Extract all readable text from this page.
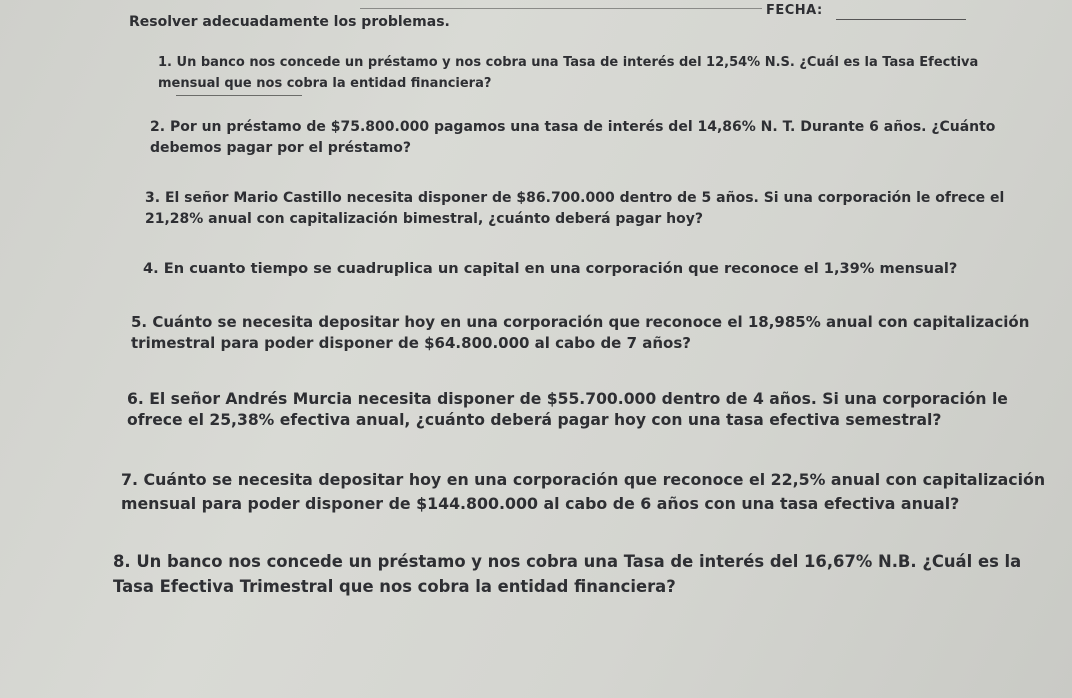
FECHA:
Resolver adecuadamente los problemas.

1. Un banco nos concede un préstamo y nos cobra una Tasa de interés del 12,54% N.S. ¿Cuál es la Tasa Efectiva mensual que nos cobra la entidad financiera?

2. Por un préstamo de $75.800.000 pagamos una tasa de interés del 14,86% N. T. Durante 6 años. ¿Cuánto debemos pagar por el préstamo?

3. El señor Mario Castillo necesita disponer de $86.700.000 dentro de 5 años. Si una corporación le ofrece el 21,28% anual con capitalización bimestral, ¿cuánto deberá pagar hoy?

4. En cuanto tiempo se cuadruplica un capital en una corporación que reconoce el 1,39% mensual?

5. Cuánto se necesita depositar hoy en una corporación que reconoce el 18,985% anual con capitalización trimestral para poder disponer de $64.800.000 al cabo de 7 años?

6. El señor Andrés Murcia necesita disponer de $55.700.000 dentro de 4 años. Si una corporación le ofrece el 25,38% efectiva anual, ¿cuánto deberá pagar hoy con una tasa efectiva semestral?

7. Cuánto se necesita depositar hoy en una corporación que reconoce el 22,5% anual con capitalización mensual para poder disponer de $144.800.000 al cabo de 6 años con una tasa efectiva anual?

8. Un banco nos concede un préstamo y nos cobra una Tasa de interés del 16,67% N.B. ¿Cuál es la Tasa Efectiva Trimestral que nos cobra la entidad financiera?
